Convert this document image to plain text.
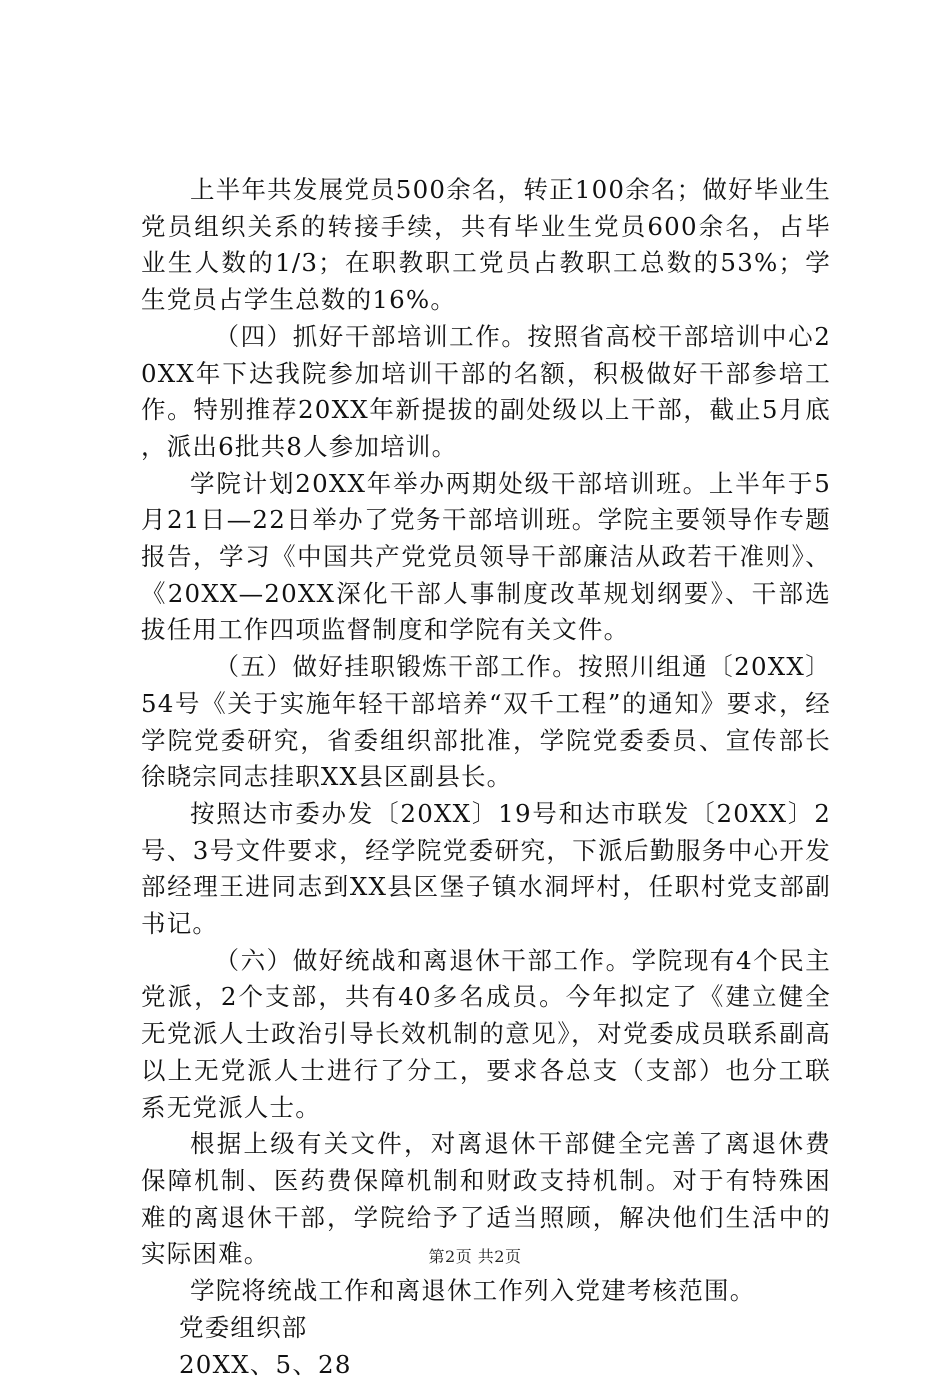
上半年共发展党员500余名，转正100余名；做好毕业生党员组织关系的转接手续，共有毕业生党员600余名，占毕业生人数的1/3；在职教职工党员占教职工总数的53%；学生党员占学生总数的16%。

（四）抓好干部培训工作。按照省高校干部培训中心20XX年下达我院参加培训干部的名额，积极做好干部参培工作。特别推荐20XX年新提拔的副处级以上干部，截止5月底，派出6批共8人参加培训。

学院计划20XX年举办两期处级干部培训班。上半年于5月21日—22日举办了党务干部培训班。学院主要领导作专题报告，学习《中国共产党党员领导干部廉洁从政若干准则》、《20XX—20XX深化干部人事制度改革规划纲要》、干部选拔任用工作四项监督制度和学院有关文件。

（五）做好挂职锻炼干部工作。按照川组通〔20XX〕54号《关于实施年轻干部培养“双千工程”的通知》要求，经学院党委研究，省委组织部批准，学院党委委员、宣传部长徐晓宗同志挂职XX县区副县长。

按照达市委办发〔20XX〕19号和达市联发〔20XX〕2号、3号文件要求，经学院党委研究，下派后勤服务中心开发部经理王进同志到XX县区堡子镇水洞坪村，任职村党支部副书记。

（六）做好统战和离退休干部工作。学院现有4个民主党派，2个支部，共有40多名成员。今年拟定了《建立健全无党派人士政治引导长效机制的意见》，对党委成员联系副高以上无党派人士进行了分工，要求各总支（支部）也分工联系无党派人士。

根据上级有关文件，对离退休干部健全完善了离退休费保障机制、医药费保障机制和财政支持机制。对于有特殊困难的离退休干部，学院给予了适当照顾，解决他们生活中的实际困难。

学院将统战工作和离退休工作列入党建考核范围。

党委组织部

20XX、5、28

第2页 共2页
